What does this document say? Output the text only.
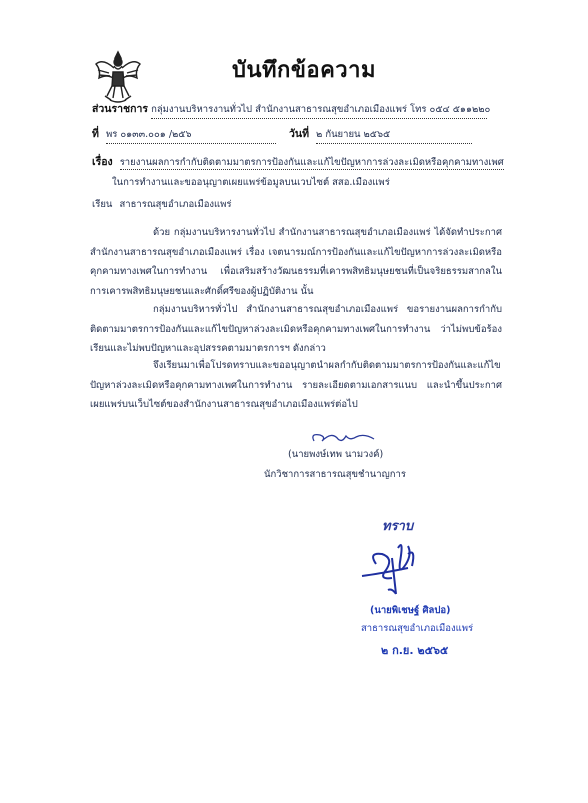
บันทึกข้อความ
ส่วนราชการ กลุ่มงานบริหารงานทั่วไป สำนักงานสาธารณสุขอำเภอเมืองแพร่ โทร ๐๕๔ ๕๑๑๒๒๐
ที่ พร ๐๑๓๓.๐๐๑ /๒๕๖	วันที่ ๒ กันยายน ๒๕๖๕
เรื่อง รายงานผลการกำกับติดตามมาตรการป้องกันและแก้ไขปัญหาการล่วงละเมิดหรือคุกคามทางเพศ
ในการทำงานและขออนุญาตเผยแพร่ข้อมูลบนเวบไซต์ สสอ.เมืองแพร่
เรียน สาธารณสุขอำเภอเมืองแพร่
ด้วย กลุ่มงานบริหารงานทั่วไป สำนักงานสาธารณสุขอำเภอเมืองแพร่ ได้จัดทำประกาศสำนักงานสาธารณสุขอำเภอเมืองแพร่ เรื่อง เจตนารมณ์การป้องกันและแก้ไขปัญหาการล่วงละเมิดหรือคุกคามทางเพศในการทำงาน เพื่อเสริมสร้างวัฒนธรรมที่เคารพสิทธิมนุษยชนที่เป็นจริยธรรมสากลในการเคารพสิทธิมนุษยชนและศักดิ์ศรีของผู้ปฏิบัติงาน นั้น
กลุ่มงานบริหารทั่วไป สำนักงานสาธารณสุขอำเภอเมืองแพร่ ขอรายงานผลการกำกับติดตามมาตรการป้องกันและแก้ไขปัญหาล่วงละเมิดหรือคุกคามทางเพศในการทำงาน ว่าไม่พบข้อร้องเรียนและไม่พบปัญหาและอุปสรรคตามมาตรการฯ ดังกล่าว
จึงเรียนมาเพื่อโปรดทราบและขออนุญาตนำผลกำกับติดตามมาตรการป้องกันและแก้ไขปัญหาล่วงละเมิดหรือคุกคามทางเพศในการทำงาน รายละเอียดตามเอกสารแนบ และนำขึ้นประกาศเผยแพร่บนเว็บไซต์ของสำนักงานสาธารณสุขอำเภอเมืองแพร่ต่อไป
(นายพงษ์เทพ นามวงค์)
นักวิชาการสาธารณสุขชำนาญการ
ทราบ
(นายพิเชษฐ์ ศิลปอ)
สาธารณสุขอำเภอเมืองแพร่
๒ ก.ย. ๒๕๖๕
